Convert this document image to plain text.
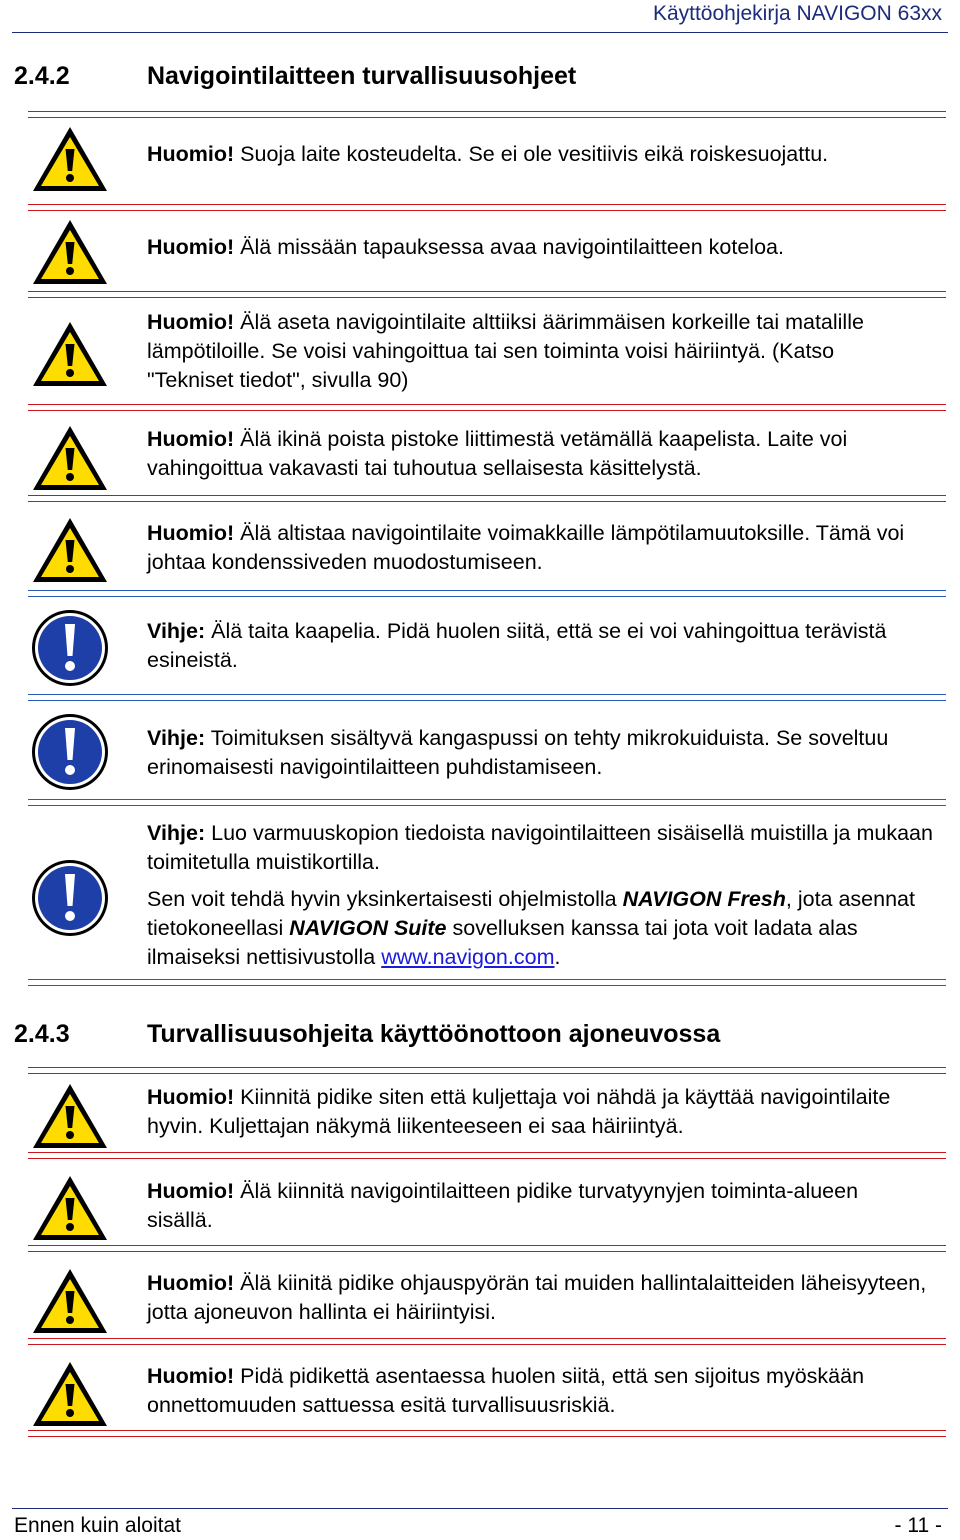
Käyttöohjekirja NAVIGON 63xx
2.4.2	Navigointilaitteen turvallisuusohjeet
Huomio! Suoja laite kosteudelta. Se ei ole vesitiivis eikä roiskesuojattu.
Huomio! Älä missään tapauksessa avaa navigointilaitteen koteloa.
Huomio! Älä aseta navigointilaite alttiiksi äärimmäisen korkeille tai matalille lämpötiloille. Se voisi vahingoittua tai sen toiminta voisi häiriintyä. (Katso "Tekniset tiedot", sivulla 90)
Huomio! Älä ikinä poista pistoke liittimestä vetämällä kaapelista. Laite voi vahingoittua vakavasti tai tuhoutua sellaisesta käsittelystä.
Huomio! Älä altistaa navigointilaite voimakkaille lämpötilamuutoksille. Tämä voi johtaa kondenssiveden muodostumiseen.
Vihje: Älä taita kaapelia. Pidä huolen siitä, että se ei voi vahingoittua terävistä esineistä.
Vihje: Toimituksen sisältyvä kangaspussi on tehty mikrokuiduista. Se soveltuu erinomaisesti navigointilaitteen puhdistamiseen.

Vihje: Luo varmuuskopion tiedoista navigointilaitteen sisäisellä muistilla ja mukaan toimitetulla muistikortilla.

Sen voit tehdä hyvin yksinkertaisesti ohjelmistolla NAVIGON Fresh, jota asennat tietokoneellasi NAVIGON Suite sovelluksen kanssa tai jota voit ladata alas ilmaiseksi nettisivustolla www.navigon.com.

2.4.3	Turvallisuusohjeita käyttöönottoon ajoneuvossa
Huomio! Kiinnitä pidike siten että kuljettaja voi nähdä ja käyttää navigointilaite hyvin. Kuljettajan näkymä liikenteeseen ei saa häiriintyä.
Huomio! Älä kiinnitä navigointilaitteen pidike turvatyynyjen toiminta-alueen sisällä.
Huomio! Älä kiinitä pidike ohjauspyörän tai muiden hallintalaitteiden läheisyyteen, jotta ajoneuvon hallinta ei häiriintyisi.
Huomio! Pidä pidikettä asentaessa huolen siitä, että sen sijoitus myöskään onnettomuuden sattuessa esitä turvallisuusriskiä.
Ennen kuin aloitat	- 11 -
